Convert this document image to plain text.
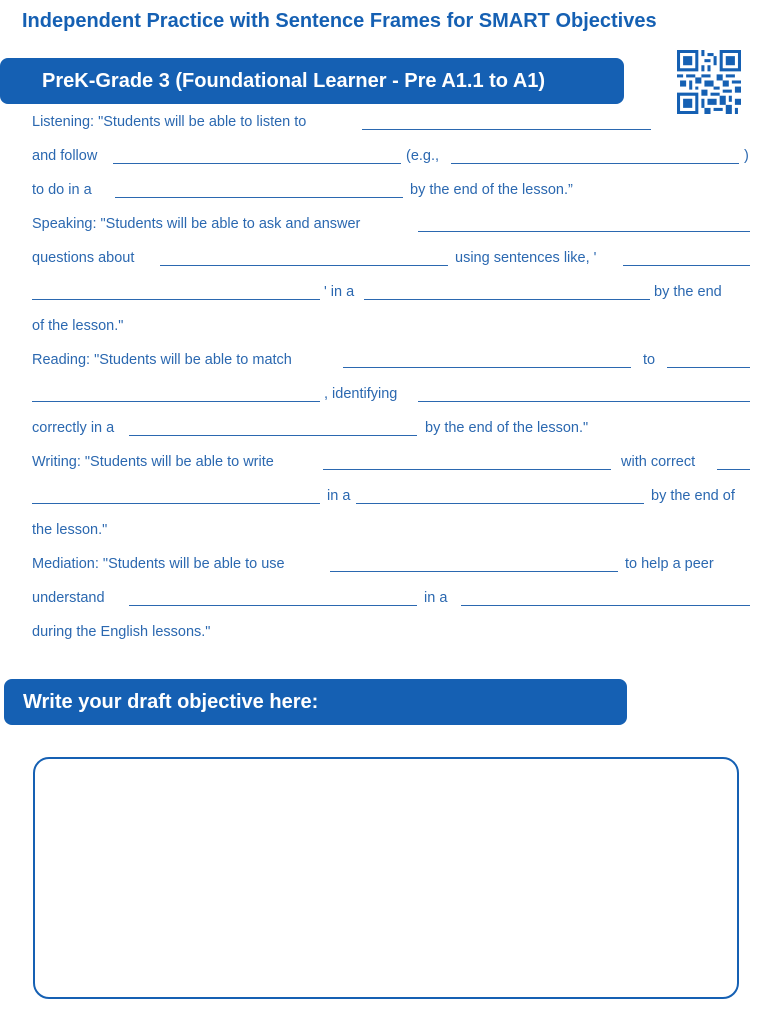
Independent Practice with Sentence Frames for SMART Objectives
PreK-Grade 3 (Foundational Learner - Pre A1.1 to A1)
Listening: "Students will be able to listen to
and follow	(e.g.,	)
to do in a	by the end of the lesson.”
Speaking: "Students will be able to ask and answer
questions about	using sentences like, '
' in a	by the end
of the lesson."
Reading: "Students will be able to match	to
, identifying
correctly in a	by the end of the lesson."
Writing: "Students will be able to write	with correct
in a	by the end of
the lesson."
Mediation: "Students will be able to use	to help a peer
understand	in a
during the English lessons."
Write your draft objective here:
